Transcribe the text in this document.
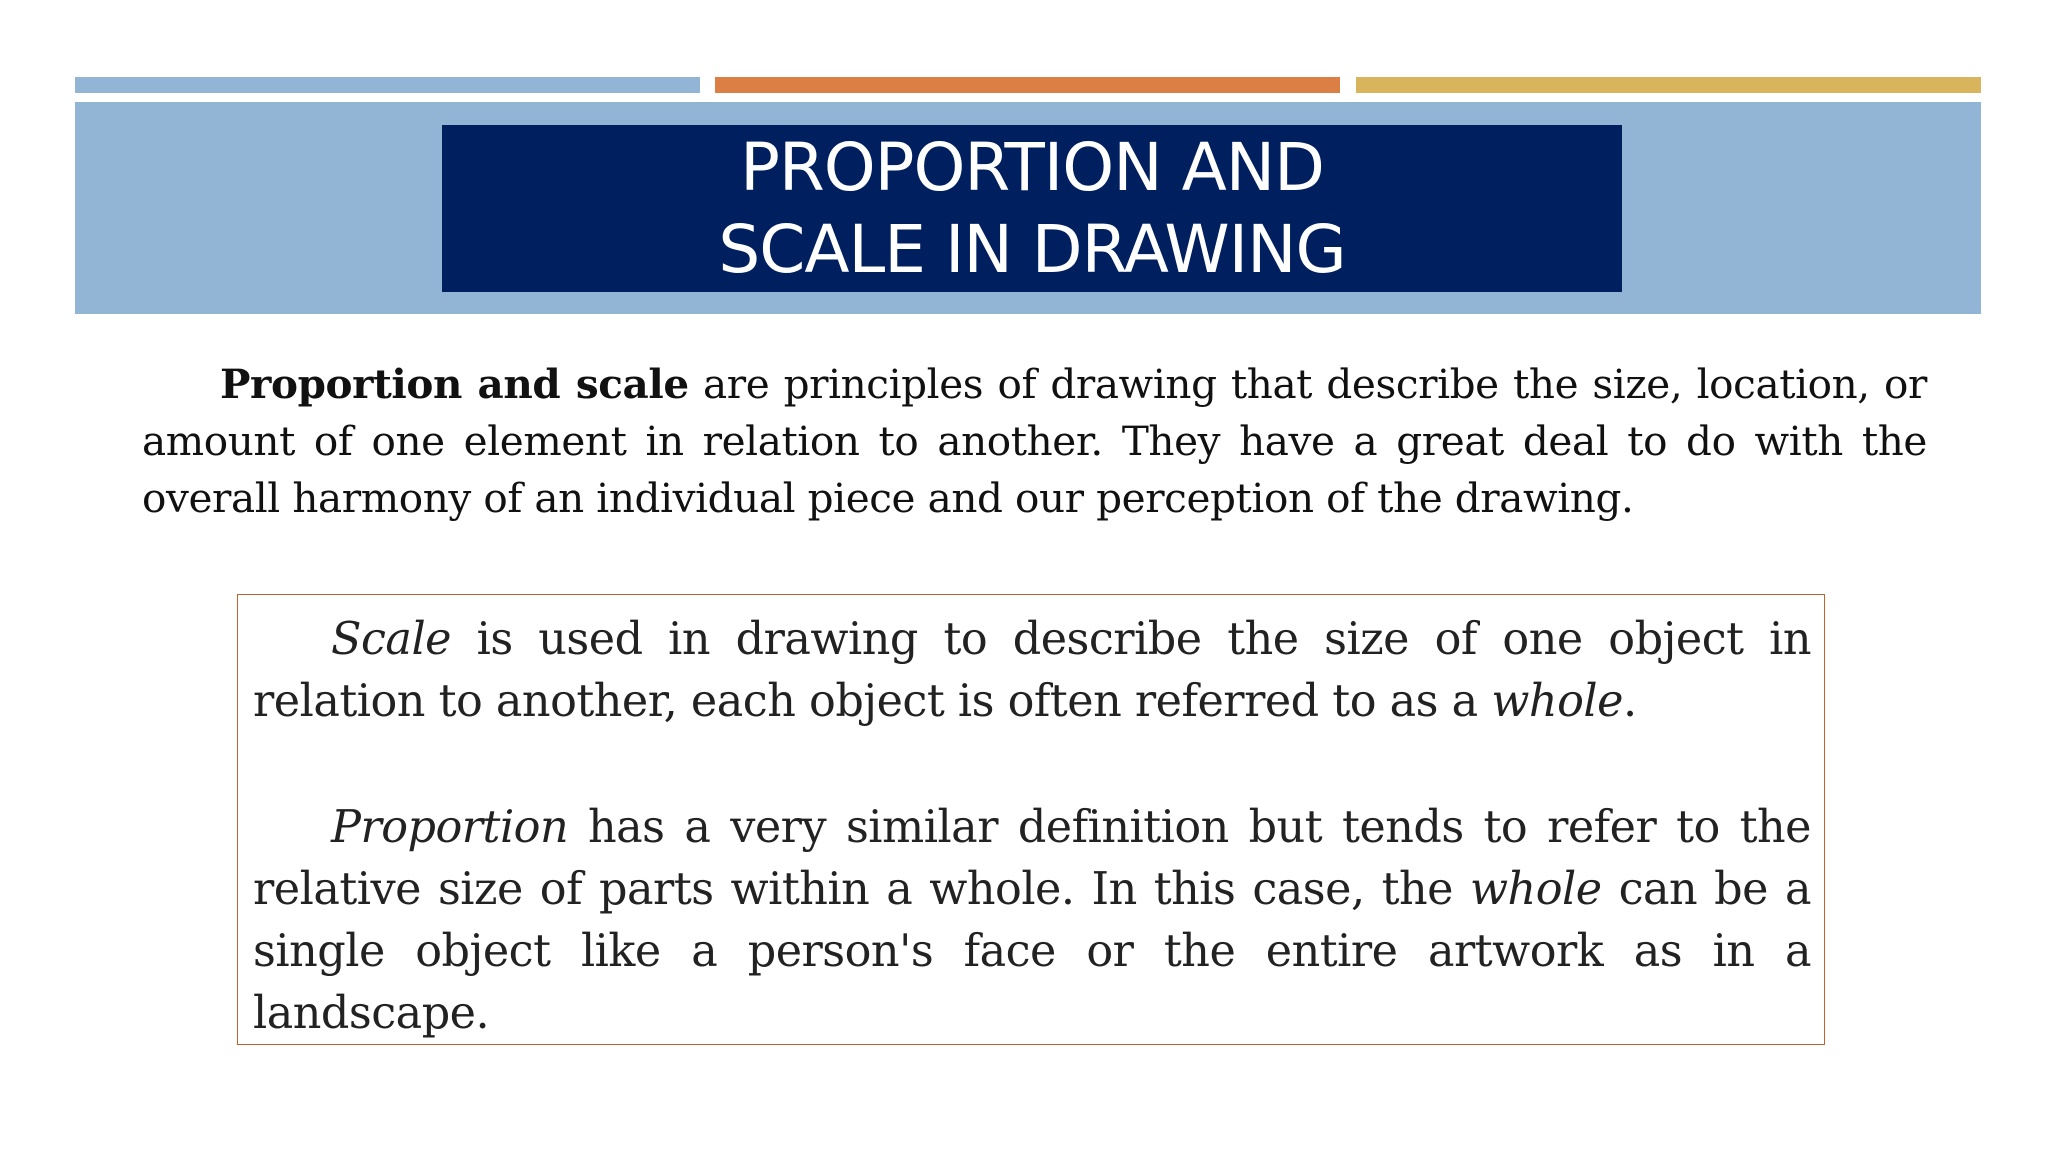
PROPORTION AND
SCALE IN DRAWING

Proportion and scale are principles of drawing that describe the size, location, or amount of one element in relation to another. They have a great deal to do with the overall harmony of an individual piece and our perception of the drawing.

Scale is used in drawing to describe the size of one object in relation to another, each object is often referred to as a whole.

Proportion has a very similar definition but tends to refer to the relative size of parts within a whole. In this case, the whole can be a single object like a person's face or the entire artwork as in a landscape.
